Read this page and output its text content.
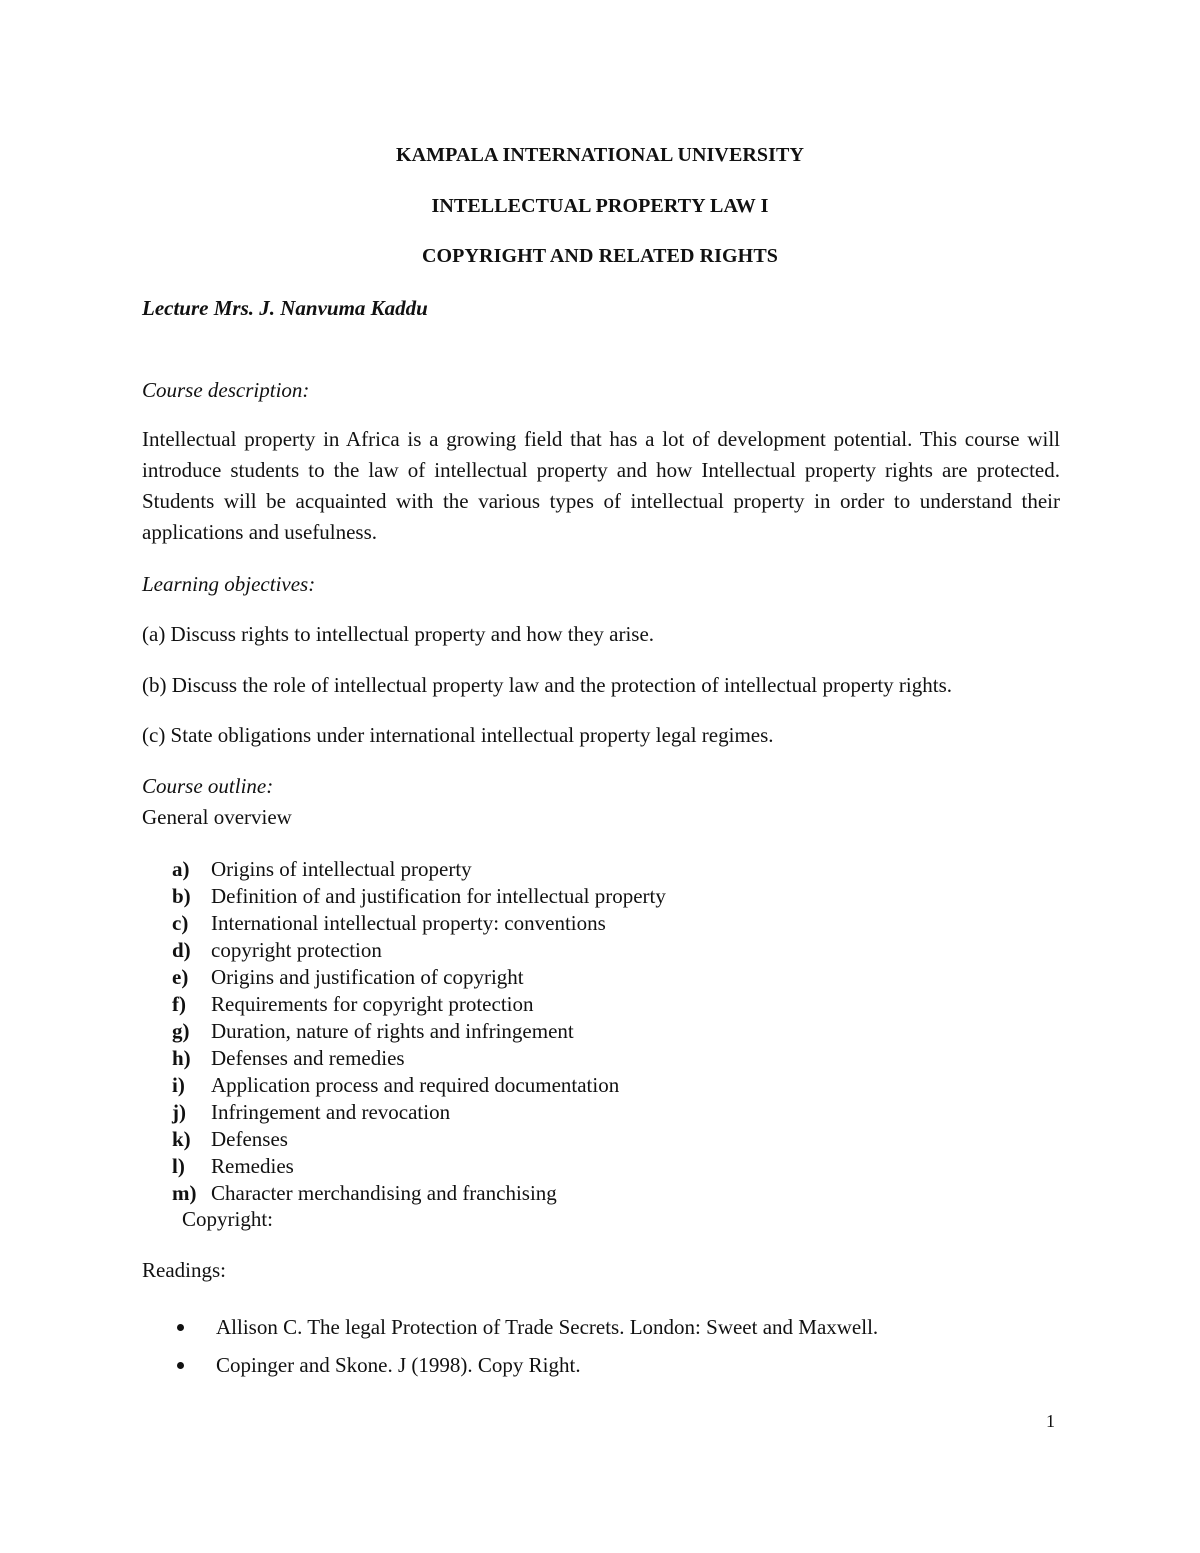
KAMPALA INTERNATIONAL UNIVERSITY
INTELLECTUAL PROPERTY LAW I
COPYRIGHT AND RELATED RIGHTS
Lecture Mrs. J. Nanvuma Kaddu
Course description:
Intellectual property in Africa is a growing field that has a lot of development potential. This course will introduce students to the law of intellectual property and how Intellectual property rights are protected. Students will be acquainted with the various types of intellectual property in order to understand their applications and usefulness.
Learning objectives:
(a) Discuss rights to intellectual property and how they arise.
(b) Discuss the role of intellectual property law and the protection of intellectual property rights.
(c) State obligations under international intellectual property legal regimes.
Course outline:
General overview
a)	Origins of intellectual property
b) Definition of and justification for intellectual property
c)	International intellectual property: conventions
d) copyright protection
e)	Origins and justification of copyright
f)	Requirements for copyright protection
g)	Duration, nature of rights and infringement
h) Defenses and remedies
i)	Application process and required documentation
j)	Infringement and revocation
k) Defenses
l)	Remedies
m) Character merchandising and franchising
Copyright:
Readings:
Allison C. The legal Protection of Trade Secrets. London: Sweet and Maxwell.
Copinger and Skone. J (1998). Copy Right.
1
